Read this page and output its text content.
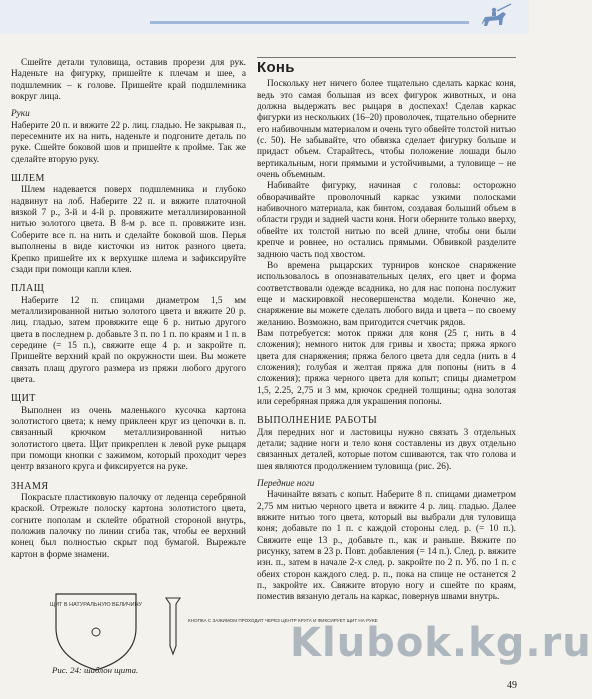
Сшейте детали туловища, оставив прорези для рук. Наденьте на фигурку, пришейте к плечам и шее, а подшлемник – к голове. Пришейте край подшлемника вокруг лица.

Руки

Наберите 20 п. и вяжите 22 р. лиц. гладью. Не закрывая п., пересемните их на нить, наденьте и подгоните деталь по руке. Сшейте боковой шов и пришейте к пройме. Так же сделайте вторую руку.

ШЛЕМ

Шлем надевается поверх подшлемника и глубоко надвинут на лоб. Наберите 22 п. и вяжите платочной вязкой 7 р., 3-й и 4-й р. провяжите металлизированной нитью золотого цвета. В 8-м р. все п. провяжите изн. Соберите все п. на нить и сделайте боковой шов. Перья выполнены в виде кисточки из ниток разного цвета. Крепко пришейте их к верхушке шлема и зафиксируйте сзади при помощи капли клея.

ПЛАЩ

Наберите 12 п. спицами диаметром 1,5 мм металлизированной нитью золотого цвета и вяжите 20 р. лиц. гладью, затем провяжите еще 6 р. нитью другого цвета в последнем р. добавьте 3 п. по 1 п. по краям и 1 п. в середине (= 15 п.), свяжите еще 4 р. и закройте п. Пришейте верхний край по окружности шеи. Вы можете связать плащ другого размера из пряжи любого другого цвета.

ЩИТ

Выполнен из очень маленького кусочка картона золотистого цвета; к нему приклеен круг из цепочки в. п. связанный крючком металлизированной нитью золотистого цвета. Щит прикреплен к левой руке рыцаря при помощи кнопки с зажимом, который проходит через центр вязаного круга и фиксируется на руке.

ЗНАМЯ

Покрасьте пластиковую палочку от леденца серебряной краской. Отрежьте полоску картона золотистого цвета, согните пополам и склейте обратной стороной внутрь, положив палочку по линии сгиба так, чтобы ее верхний конец был полностью скрыт под бумагой. Вырежьте картон в форме знамени.

ЩИТ В НАТУРАЛЬНУЮ ВЕЛИЧИНУ
КНОПКА С ЗАЖИМОМ ПРОХОДИТ ЧЕРЕЗ ЦЕНТР КРУГА И ФИКСИРУЕТ ЩИТ НА РУКЕ
Рис. 24: шаблон щита.
Конь

Поскольку нет ничего более тщательно сделать каркас коня, ведь это самая большая из всех фигурок животных, и она должна выдержать вес рыцаря в доспехах! Сделав каркас фигурки из нескольких (16–20) проволочек, тщательно оберните его набивочным материалом и очень туго обвейте толстой нитью (с. 50). Не забывайте, что обвязка сделает фигурку больше и придаст объем. Старайтесь, чтобы положение лошади было вертикальным, ноги прямыми и устойчивыми, а туловище – не очень объемным.

Набивайте фигурку, начиная с головы: осторожно обворачивайте проволочный каркас узкими полосками набивочного материала, как бинтом, создавая больший объем в области груди и задней части коня. Ноги оберните только вверху, обвейте их толстой нитью по всей длине, чтобы они были крепче и ровнее, но остались прямыми. Обвивкой разделите заднюю часть под хвостом.

Во времена рыцарских турниров конское снаряжение использовалось в опознавательных целях, его цвет и форма соответствовали одежде всадника, но для нас попона послужит еще и маскировкой несовершенства модели. Конечно же, снаряжение вы можете сделать любого вида и цвета – по своему желанию. Возможно, вам пригодится счетчик рядов.

Вам потребуется: моток пряжи для коня (25 г, нить в 4 сложения); немного ниток для гривы и хвоста; пряжа яркого цвета для снаряжения; пряжа белого цвета для седла (нить в 4 сложения); голубая и желтая пряжа для попоны (нить в 4 сложения); пряжа черного цвета для копыт; спицы диаметром 1,5, 2.25, 2,75 и 3 мм, крючок средней толщины; одна золотая или серебряная пряжа для украшения попоны.

ВЫПОЛНЕНИЕ РАБОТЫ

Для передних ног и ластовицы нужно связать 3 отдельных детали; задние ноги и тело коня составлены из двух отдельно связанных деталей, которые потом сшиваются, так что голова и шея являются продолжением туловища (рис. 26).

Передние ноги

Начинайте вязать с копыт. Наберите 8 п. спицами диаметром 2,75 мм нитью черного цвета и вяжите 4 р. лиц. гладью. Далее вяжите нитью того цвета, который вы выбрали для туловища коня; добавьте по 1 п. с каждой стороны след. р. (= 10 п.). Свяжите еще 13 р., добавьте п., как и раньше. Вяжите по рисунку, затем в 23 р. Повт. добавления (= 14 п.). След. р. вяжите изн. п., затем в начале 2-х след. р. закройте по 2 п. Уб. по 1 п. с обеих сторон каждого след. р. п., пока на спице не останется 2 п., закройте их. Свяжите вторую ногу и сшейте по краям, поместив вязаную деталь на каркас, повернув швами внутрь.

Klubok.kg.ru
49
